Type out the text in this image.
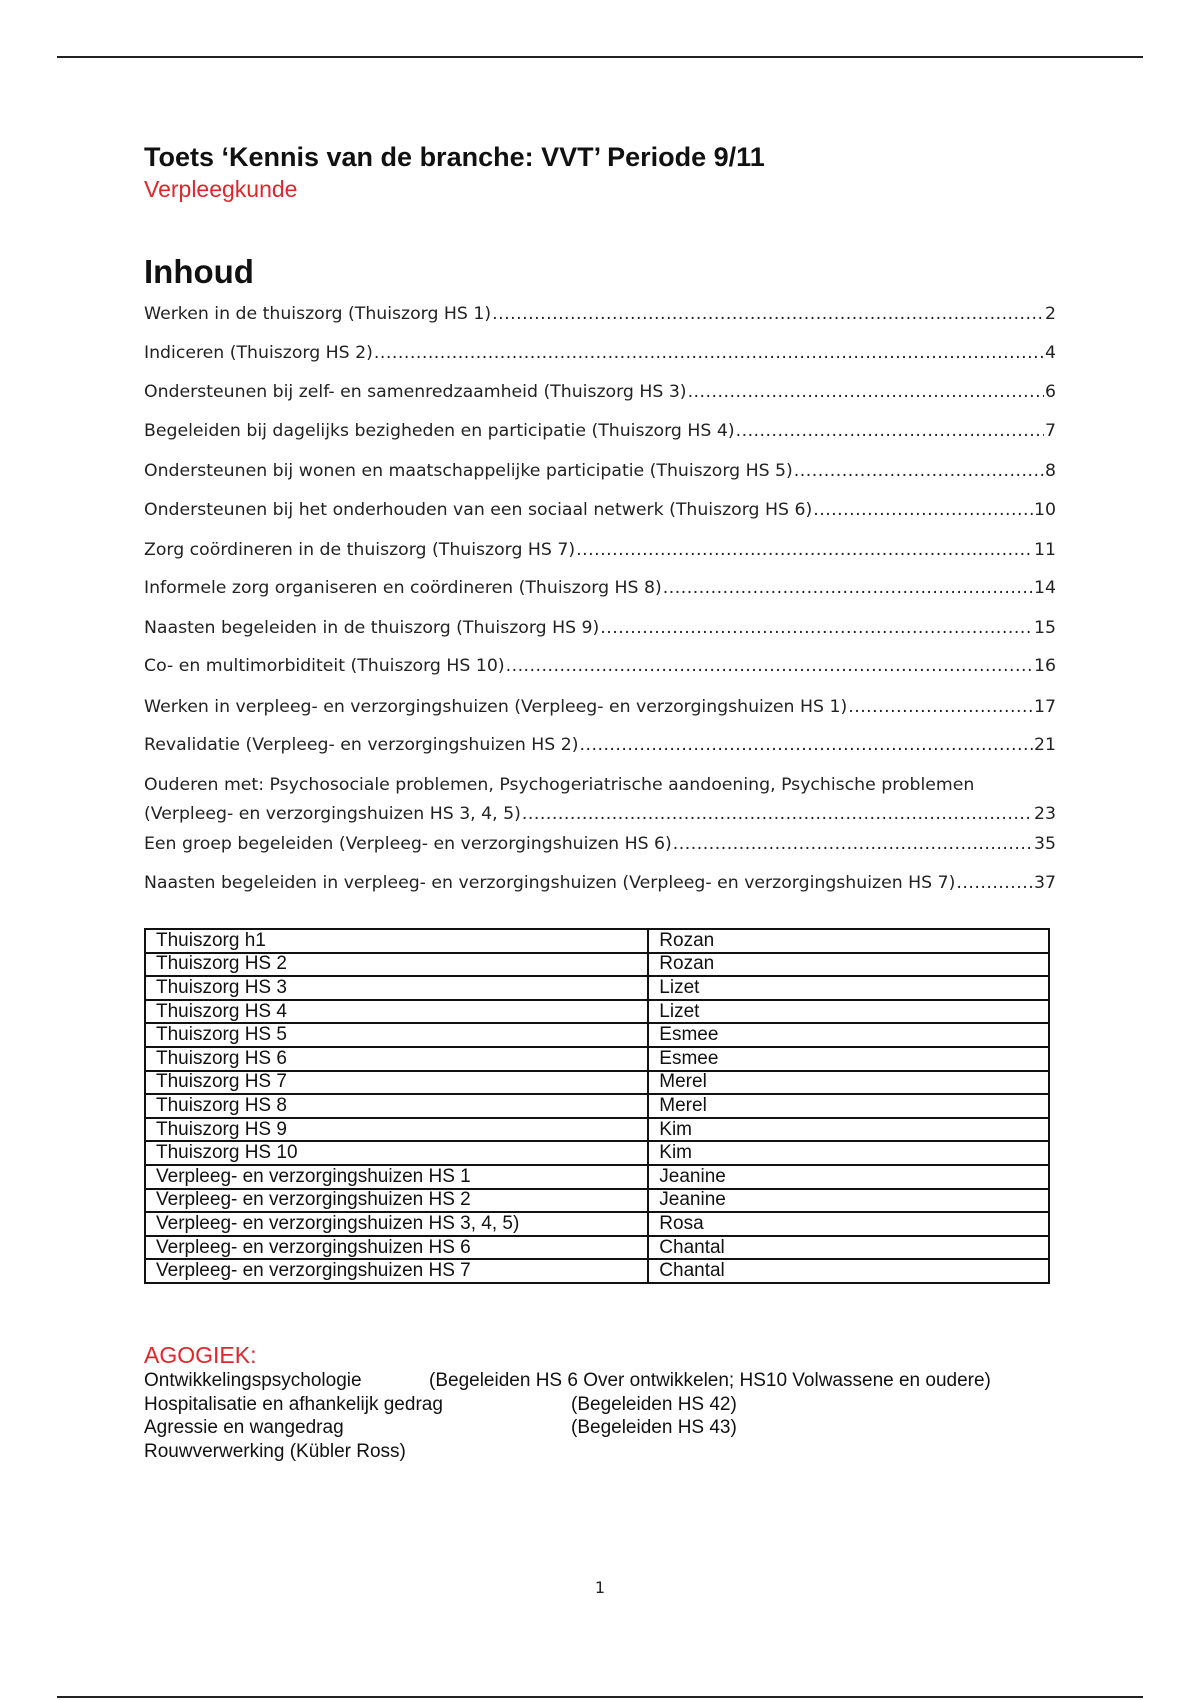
Toets ‘Kennis van de branche: VVT’ Periode 9/11
Verpleegkunde
Inhoud
Werken in de thuiszorg (Thuiszorg HS 1) .....	2
Indiceren (Thuiszorg HS 2) .....	4
Ondersteunen bij zelf- en samenredzaamheid (Thuiszorg HS 3) .....	6
Begeleiden bij dagelijks bezigheden en participatie (Thuiszorg HS 4) .....	7
Ondersteunen bij wonen en maatschappelijke participatie (Thuiszorg HS 5) .....	8
Ondersteunen bij het onderhouden van een sociaal netwerk (Thuiszorg HS 6) .....	10
Zorg coördineren in de thuiszorg (Thuiszorg HS 7) .....	11
Informele zorg organiseren en coördineren (Thuiszorg HS 8) .....	14
Naasten begeleiden in de thuiszorg (Thuiszorg HS 9) .....	15
Co- en multimorbiditeit (Thuiszorg HS 10) .....	16
Werken in verpleeg- en verzorgingshuizen (Verpleeg- en verzorgingshuizen HS 1) .....	17
Revalidatie (Verpleeg- en verzorgingshuizen HS 2) .....	21
Ouderen met: Psychosociale problemen, Psychogeriatrische aandoening, Psychische problemen
(Verpleeg- en verzorgingshuizen HS 3, 4, 5) .....	23
Een groep begeleiden (Verpleeg- en verzorgingshuizen HS 6) .....	35
Naasten begeleiden in verpleeg- en verzorgingshuizen (Verpleeg- en verzorgingshuizen HS 7) .....	37
Thuiszorg h1	Rozan
Thuiszorg HS 2	Rozan
Thuiszorg HS 3	Lizet
Thuiszorg HS 4	Lizet
Thuiszorg HS 5	Esmee
Thuiszorg HS 6	Esmee
Thuiszorg HS 7	Merel
Thuiszorg HS 8	Merel
Thuiszorg HS 9	Kim
Thuiszorg HS 10	Kim
Verpleeg- en verzorgingshuizen HS 1	Jeanine
Verpleeg- en verzorgingshuizen HS 2	Jeanine
Verpleeg- en verzorgingshuizen HS 3, 4, 5)	Rosa
Verpleeg- en verzorgingshuizen HS 6	Chantal
Verpleeg- en verzorgingshuizen HS 7	Chantal
AGOGIEK:
Ontwikkelingspsychologie	(Begeleiden HS 6 Over ontwikkelen; HS10 Volwassene en oudere)
Hospitalisatie en afhankelijk gedrag	(Begeleiden HS 42)
Agressie en wangedrag	(Begeleiden HS 43)
Rouwverwerking (Kübler Ross)
1
